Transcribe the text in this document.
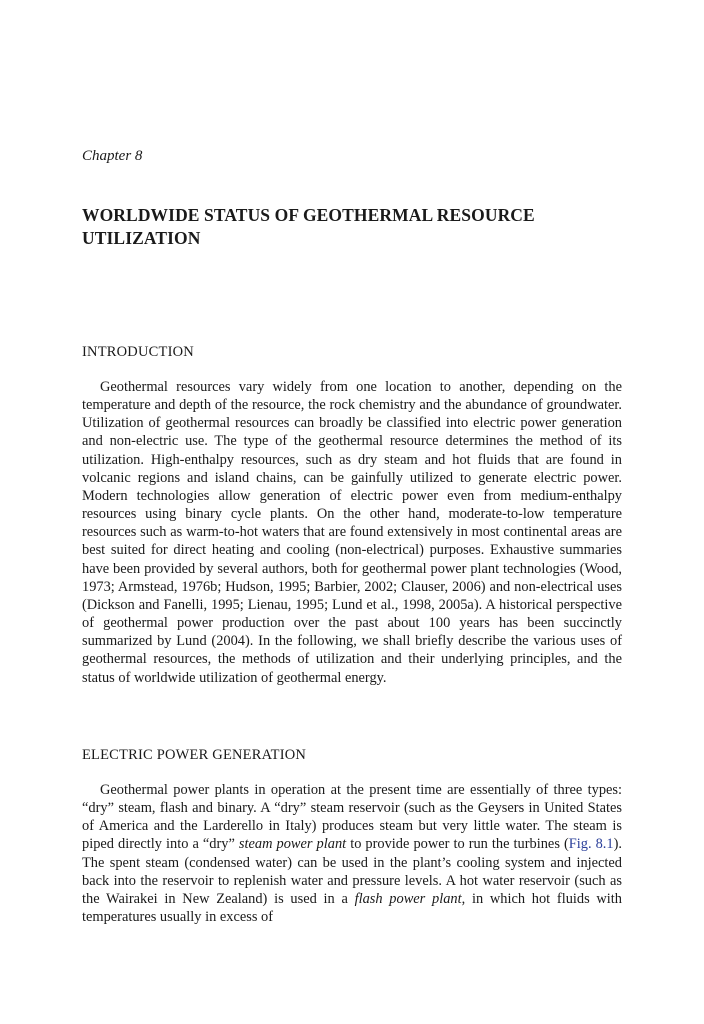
Chapter 8

WORLDWIDE STATUS OF GEOTHERMAL RESOURCE UTILIZATION
INTRODUCTION

Geothermal resources vary widely from one location to another, depending on the temperature and depth of the resource, the rock chemistry and the abundance of groundwater. Utilization of geothermal resources can broadly be classified into electric power generation and non-electric use. The type of the geothermal resource determines the method of its utilization. High-enthalpy resources, such as dry steam and hot fluids that are found in volcanic regions and island chains, can be gainfully utilized to generate electric power. Modern technologies allow generation of electric power even from medium-enthalpy resources using binary cycle plants. On the other hand, moderate-to-low temperature resources such as warm-to-hot waters that are found extensively in most continental areas are best suited for direct heating and cooling (non-electrical) purposes. Exhaustive summaries have been provided by several authors, both for geothermal power plant technologies (Wood, 1973; Armstead, 1976b; Hudson, 1995; Barbier, 2002; Clauser, 2006) and non-electrical uses (Dickson and Fanelli, 1995; Lienau, 1995; Lund et al., 1998, 2005a). A historical perspective of geothermal power production over the past about 100 years has been succinctly summarized by Lund (2004). In the following, we shall briefly describe the various uses of geothermal resources, the methods of utilization and their underlying principles, and the status of worldwide utilization of geothermal energy.

ELECTRIC POWER GENERATION

Geothermal power plants in operation at the present time are essentially of three types: “dry” steam, flash and binary. A “dry” steam reservoir (such as the Geysers in United States of America and the Larderello in Italy) produces steam but very little water. The steam is piped directly into a “dry” steam power plant to provide power to run the turbines (Fig. 8.1). The spent steam (condensed water) can be used in the plant’s cooling system and injected back into the reservoir to replenish water and pressure levels. A hot water reservoir (such as the Wairakei in New Zealand) is used in a flash power plant, in which hot fluids with temperatures usually in excess of
